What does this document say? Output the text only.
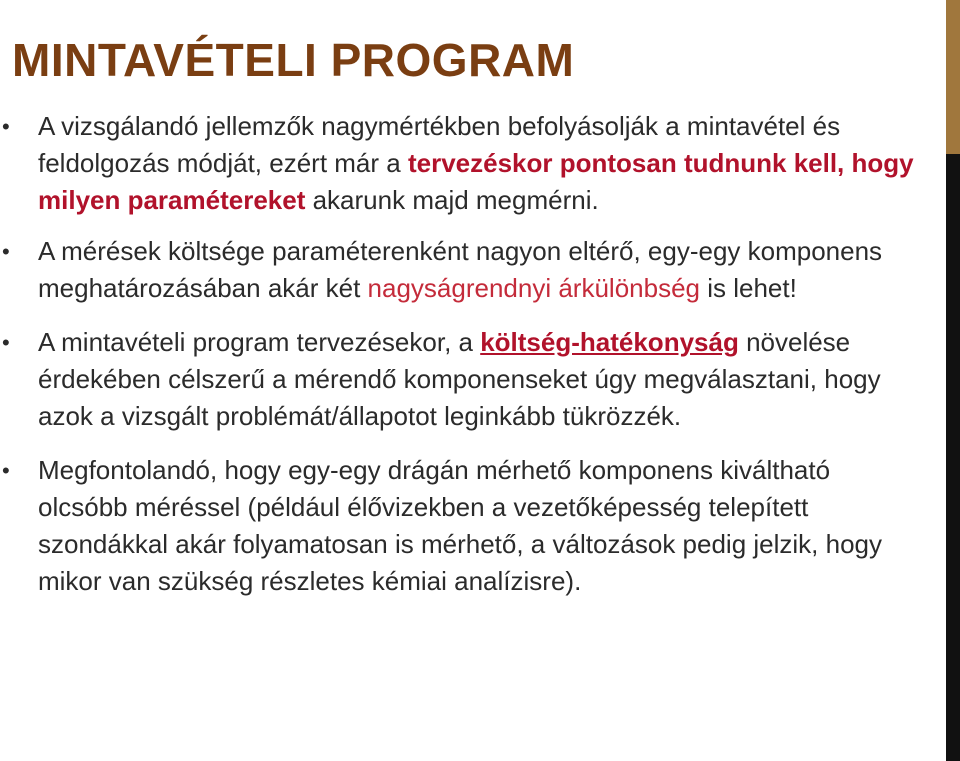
MINTAVÉTELI PROGRAM
• A vizsgálandó jellemzők nagymértékben befolyásolják a mintavétel és feldolgozás módját, ezért már a tervezéskor pontosan tudnunk kell, hogy milyen paramétereket akarunk majd megmérni.
• A mérések költsége paraméterenként nagyon eltérő, egy-egy komponens meghatározásában akár két nagyságrendnyi árkülönbség is lehet!
• A mintavételi program tervezésekor, a költség-hatékonyság növelése érdekében célszerű a mérendő komponenseket úgy megválasztani, hogy azok a vizsgált problémát/állapotot leginkább tükrözzék.
• Megfontolandó, hogy egy-egy drágán mérhető komponens kiváltható olcsóbb méréssel (például élővizekben a vezetőképesség telepített szondákkal akár folyamatosan is mérhető, a változások pedig jelzik, hogy mikor van szükség részletes kémiai analízisre).
